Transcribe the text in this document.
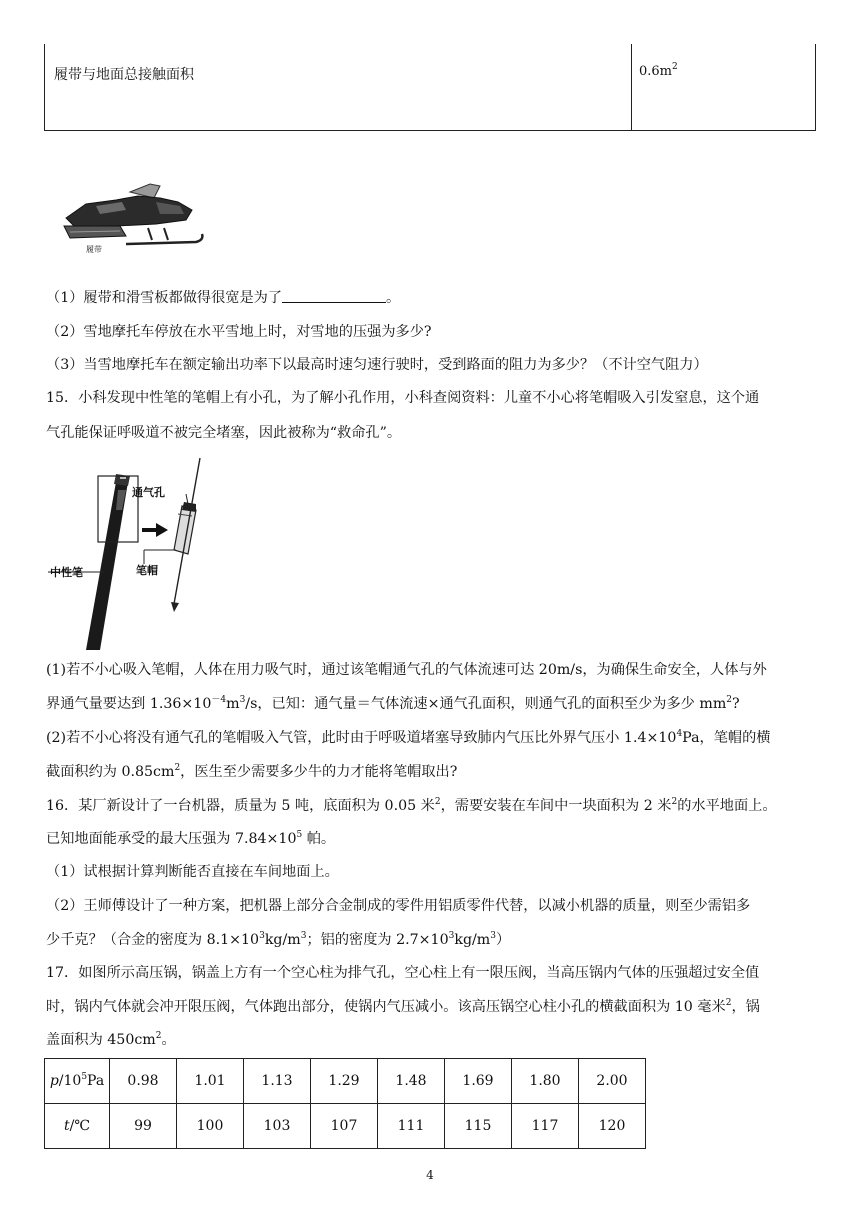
履带与地面总接触面积	$0.6m^2$
履带
（1）履带和滑雪板都做得很宽是为了	。
（2）雪地摩托车停放在水平雪地上时，对雪地的压强为多少?
（3）当雪地摩托车在额定输出功率下以最高时速匀速行驶时，受到路面的阻力为多少？（不计空气阻力）
15．小科发现中性笔的笔帽上有小孔，为了解小孔作用，小科查阅资料：儿童不小心将笔帽吸入引发窒息，这个通
气孔能保证呼吸道不被完全堵塞，因此被称为“救命孔”。
通气孔
中性笔	笔帽
(1)若不小心吸入笔帽，人体在用力吸气时，通过该笔帽通气孔的气体流速可达 20m/s，为确保生命安全，人体与外
界通气量要达到 $1.36\times 10^{-4}m^3/s$，已知：通气量＝气体流速×通气孔面积，则通气孔的面积至少为多少 $mm^2$?
(2)若不小心将没有通气孔的笔帽吸入气管，此时由于呼吸道堵塞导致肺内气压比外界气压小 $1.4\times 10^4Pa$，笔帽的横
截面积约为 $0.85cm^2$，医生至少需要多少牛的力才能将笔帽取出?
16．某厂新设计了一台机器，质量为 5 吨，底面积为 0.05 米$^2$，需要安装在车间中一块面积为 2 米$^2$的水平地面上。
已知地面能承受的最大压强为 $7.84\times 10^5$ 帕。
（1）试根据计算判断能否直接在车间地面上。
（2）王师傅设计了一种方案，把机器上部分合金制成的零件用铝质零件代替，以减小机器的质量，则至少需铝多
少千克？（合金的密度为 $8.1\times 10^3kg/m^3$；铝的密度为 $2.7\times 10^3kg/m^3$）
17．如图所示高压锅，锅盖上方有一个空心柱为排气孔，空心柱上有一限压阀，当高压锅内气体的压强超过安全值
时，锅内气体就会冲开限压阀，气体跑出部分，使锅内气压减小。该高压锅空心柱小孔的横截面积为 10 毫米$^2$，锅
盖面积为 $450cm^2$。
$p/10^5Pa$	0.98	1.01	1.13	1.29	1.48	1.69	1.80	2.00
t/℃	99	100	103	107	111	115	117	120
4
